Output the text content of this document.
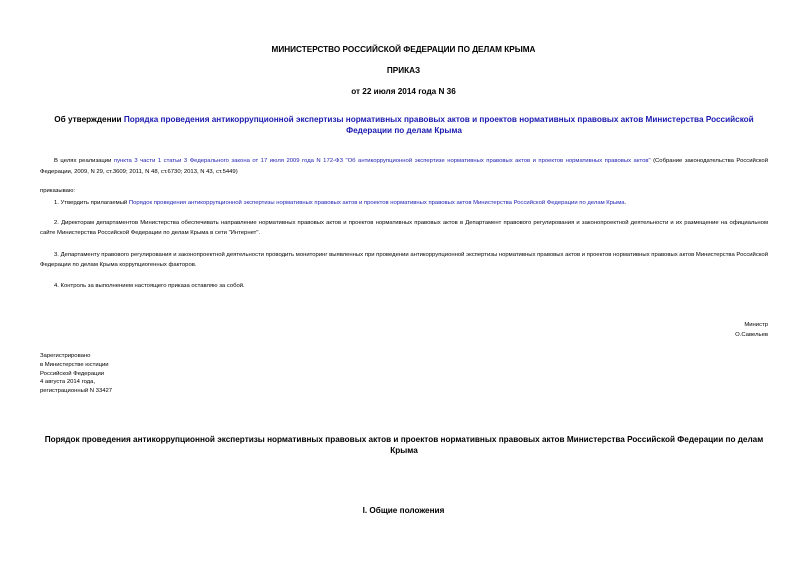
МИНИСТЕРСТВО РОССИЙСКОЙ ФЕДЕРАЦИИ ПО ДЕЛАМ КРЫМА
ПРИКАЗ
от 22 июля 2014 года N 36
Об утверждении Порядка проведения антикоррупционной экспертизы нормативных правовых актов и проектов нормативных правовых актов Министерства Российской Федерации по делам Крыма
В целях реализации пункта 3 части 1 статьи 3 Федерального закона от 17 июля 2009 года N 172-ФЗ "Об антикоррупционной экспертизе нормативных правовых актов и проектов нормативных правовых актов" (Собрание законодательства Российской Федерации, 2009, N 29, ст.3609; 2011, N 48, ст.6730; 2013, N 43, ст.5449)
приказываю:
1. Утвердить прилагаемый Порядок проведения антикоррупционной экспертизы нормативных правовых актов и проектов нормативных правовых актов Министерства Российской Федерации по делам Крыма.
2. Директорам департаментов Министерства обеспечивать направление нормативных правовых актов и проектов нормативных правовых актов в Департамент правового регулирования и законопроектной деятельности и их размещение на официальном сайте Министерства Российской Федерации по делам Крыма в сети "Интернет".
3. Департаменту правового регулирования и законопроектной деятельности проводить мониторинг выявленных при проведении антикоррупционной экспертизы нормативных правовых актов и проектов нормативных правовых актов Министерства Российской Федерации по делам Крыма коррупциогенных факторов.
4. Контроль за выполнением настоящего приказа оставляю за собой.
Министр
О.Савельев
Зарегистрировано
в Министерстве юстиции
Российской Федерации
4 августа 2014 года,
регистрационный N 33427
Порядок проведения антикоррупционной экспертизы нормативных правовых актов и проектов нормативных правовых актов Министерства Российской Федерации по делам Крыма
I. Общие положения
